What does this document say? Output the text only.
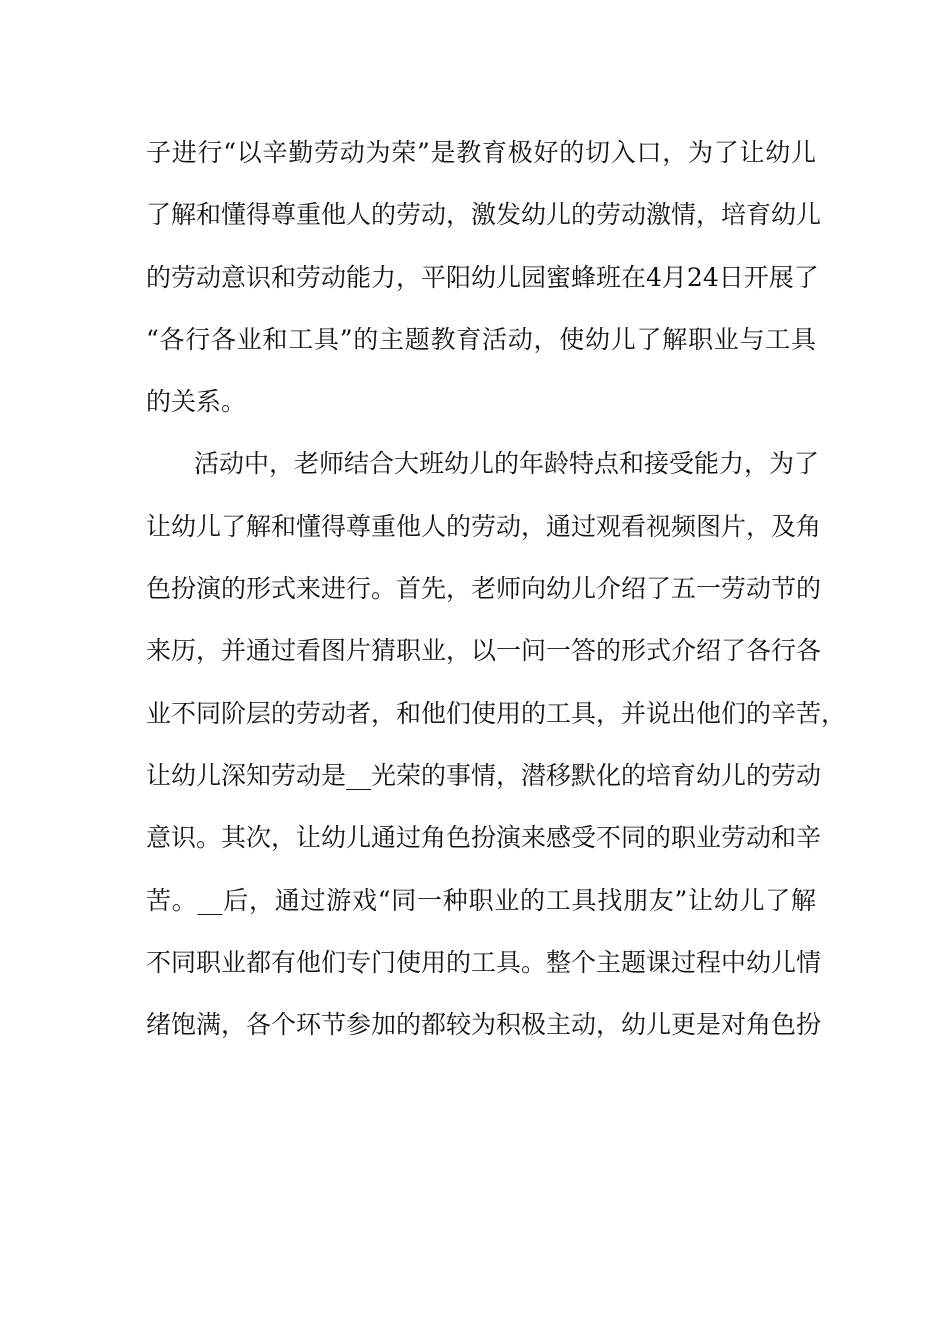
子进行“以辛勤劳动为荣”是教育极好的切入口，为了让幼儿
了解和懂得尊重他人的劳动，激发幼儿的劳动激情，培育幼儿
的劳动意识和劳动能力，平阳幼儿园蜜蜂班在4月24日开展了
“各行各业和工具”的主题教育活动，使幼儿了解职业与工具
的关系。
活动中，老师结合大班幼儿的年龄特点和接受能力，为了
让幼儿了解和懂得尊重他人的劳动，通过观看视频图片，及角
色扮演的形式来进行。首先，老师向幼儿介绍了五一劳动节的
来历，并通过看图片猜职业，以一问一答的形式介绍了各行各
业不同阶层的劳动者，和他们使用的工具，并说出他们的辛苦，
让幼儿深知劳动是__光荣的事情，潜移默化的培育幼儿的劳动
意识。其次，让幼儿通过角色扮演来感受不同的职业劳动和辛
苦。__后，通过游戏“同一种职业的工具找朋友”让幼儿了解
不同职业都有他们专门使用的工具。整个主题课过程中幼儿情
绪饱满，各个环节参加的都较为积极主动，幼儿更是对角色扮
